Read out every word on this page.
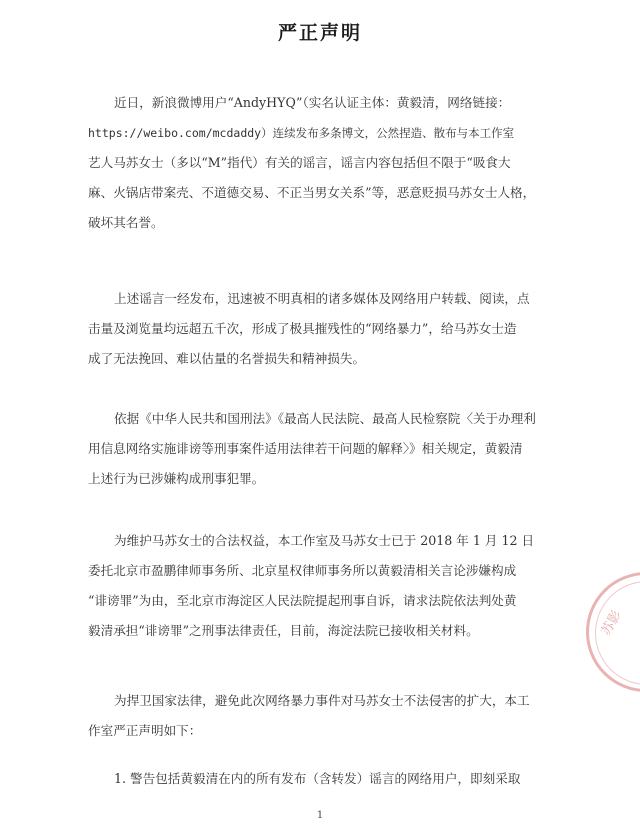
严正声明
近日，新浪微博用户“AndyHYQ”（实名认证主体：黄毅清，网络链接：
https://weibo.com/mcdaddy）连续发布多条博文，公然捏造、散布与本工作室
艺人马苏女士（多以“M”指代）有关的谣言，谣言内容包括但不限于“吸食大
麻、火锅店带案壳、不道德交易、不正当男女关系”等，恶意贬损马苏女士人格，
破坏其名誉。
上述谣言一经发布，迅速被不明真相的诸多媒体及网络用户转载、阅读，点
击量及浏览量均远超五千次，形成了极具摧残性的“网络暴力”，给马苏女士造
成了无法挽回、难以估量的名誉损失和精神损失。
依据《中华人民共和国刑法》《最高人民法院、最高人民检察院〈关于办理利
用信息网络实施诽谤等刑事案件适用法律若干问题的解释〉》相关规定，黄毅清
上述行为已涉嫌构成刑事犯罪。
为维护马苏女士的合法权益，本工作室及马苏女士已于 2018 年 1 月 12 日
委托北京市盈鹏律师事务所、北京星权律师事务所以黄毅清相关言论涉嫌构成
“诽谤罪”为由，至北京市海淀区人民法院提起刑事自诉，请求法院依法判处黄
毅清承担“诽谤罪”之刑事法律责任，目前，海淀法院已接收相关材料。
为捍卫国家法律，避免此次网络暴力事件对马苏女士不法侵害的扩大，本工
作室严正声明如下：
1. 警告包括黄毅清在内的所有发布（含转发）谣言的网络用户，即刻采取
1
苏影
